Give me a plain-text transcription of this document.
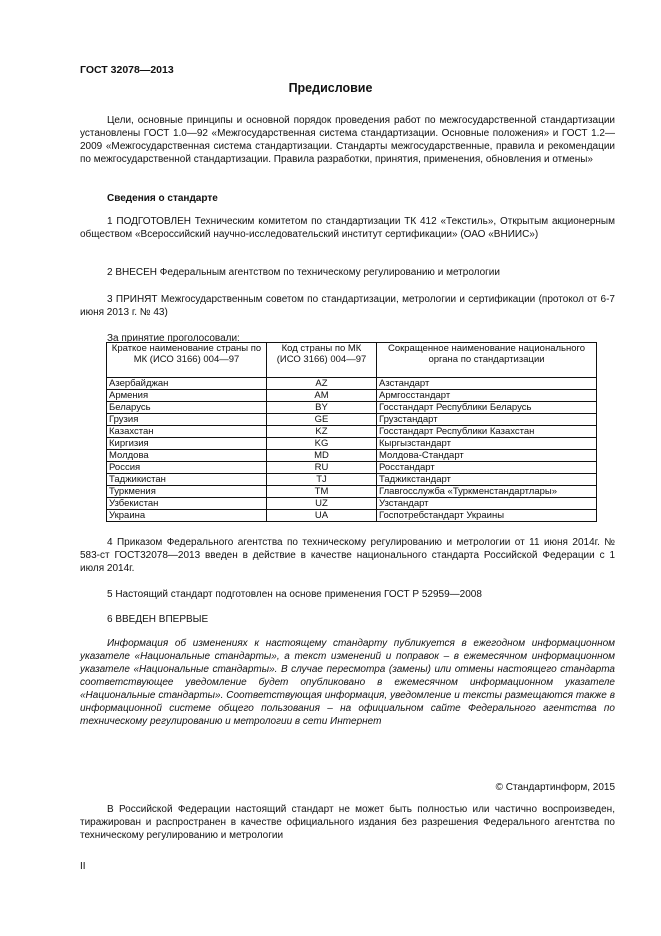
ГОСТ 32078—2013
Предисловие
Цели, основные принципы и основной порядок проведения работ по межгосударственной стандартизации установлены ГОСТ 1.0—92 «Межгосударственная система стандартизации. Основные положения» и ГОСТ 1.2—2009 «Межгосударственная система стандартизации. Стандарты межгосударственные, правила и рекомендации по межгосударственной стандартизации. Правила разработки, принятия, применения, обновления и отмены»
Сведения о стандарте
1 ПОДГОТОВЛЕН Техническим комитетом по стандартизации ТК 412 «Текстиль», Открытым акционерным обществом «Всероссийский научно-исследовательский институт сертификации» (ОАО «ВНИИС»)
2 ВНЕСЕН Федеральным агентством по техническому регулированию и метрологии
3 ПРИНЯТ Межгосударственным советом по стандартизации, метрологии и сертификации (протокол от 6-7 июня 2013 г. № 43)
За принятие проголосовали:
Краткое наименование страны по МК (ИСО 3166) 004—97	Код страны по МК (ИСО 3166) 004—97	Сокращенное наименование национального органа по стандартизации
Азербайджан	AZ	Азстандарт
Армения	AM	Армгосстандарт
Беларусь	BY	Госстандарт Республики Беларусь
Грузия	GE	Грузстандарт
Казахстан	KZ	Госстандарт Республики Казахстан
Киргизия	KG	Кыргызстандарт
Молдова	MD	Молдова-Стандарт
Россия	RU	Росстандарт
Таджикистан	TJ	Таджикстандарт
Туркмения	TM	Главгосслужба «Туркменстандартлары»
Узбекистан	UZ	Узстандарт
Украина	UA	Госпотребстандарт Украины
4 Приказом Федерального агентства по техническому регулированию и метрологии от 11 июня 2014г. № 583-ст ГОСТ32078—2013 введен в действие в качестве национального стандарта Российской Федерации с 1 июля 2014г.
5 Настоящий стандарт подготовлен на основе применения ГОСТ Р 52959—2008
6 ВВЕДЕН ВПЕРВЫЕ
Информация об изменениях к настоящему стандарту публикуется в ежегодном информационном указателе «Национальные стандарты», а текст изменений и поправок – в ежемесячном информационном указателе «Национальные стандарты». В случае пересмотра (замены) или отмены настоящего стандарта соответствующее уведомление будет опубликовано в ежемесячном информационном указателе «Национальные стандарты». Соответствующая информация, уведомление и тексты размещаются также в информационной системе общего пользования – на официальном сайте Федерального агентства по техническому регулированию и метрологии в сети Интернет
© Стандартинформ, 2015
В Российской Федерации настоящий стандарт не может быть полностью или частично воспроизведен, тиражирован и распространен в качестве официального издания без разрешения Федерального агентства по техническому регулированию и метрологии
II
